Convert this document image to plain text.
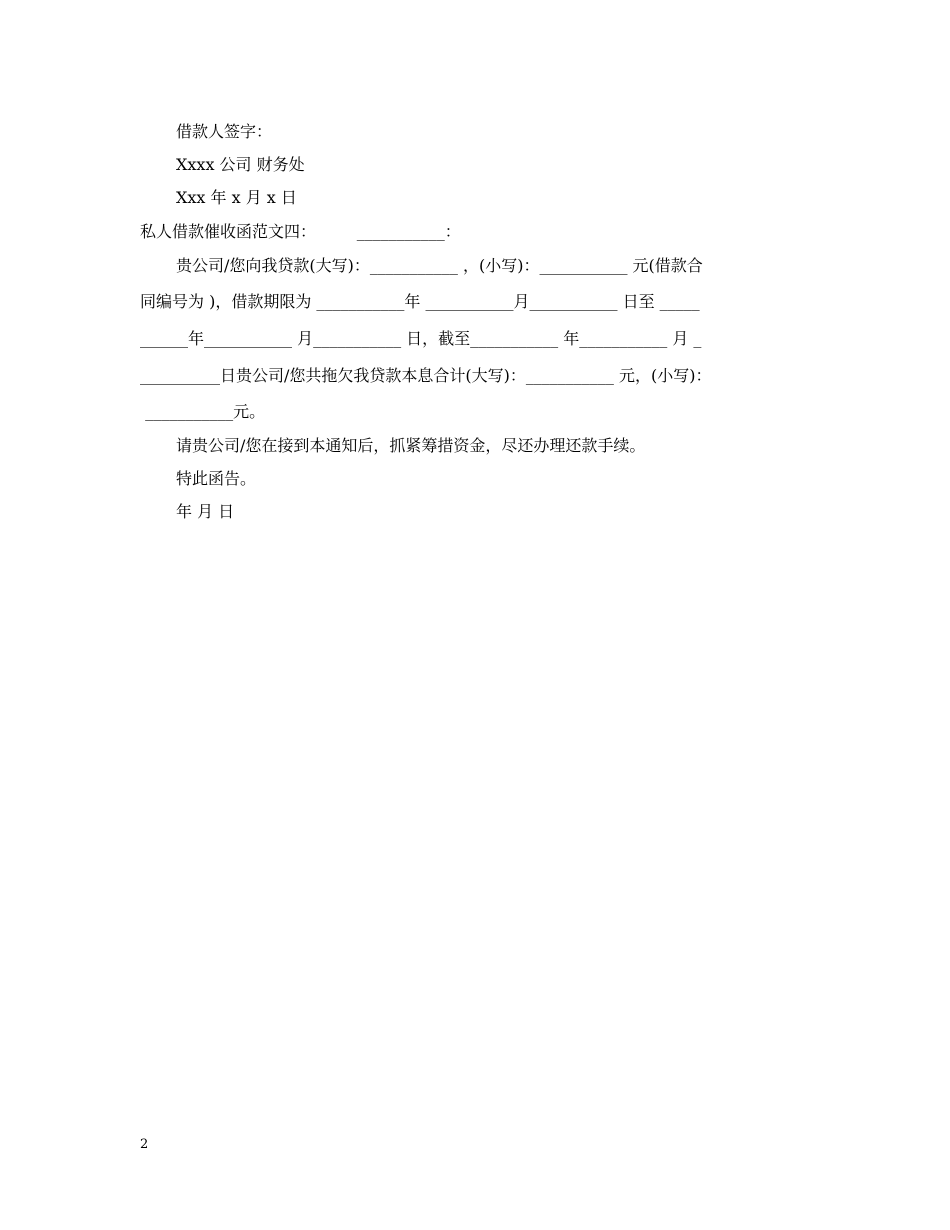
借款人签字：
Xxxx 公司 财务处
Xxx 年 x 月 x 日
私人借款催收函范文四：        ___________：
贵公司/您向我贷款(大写)：___________ ，(小写)：___________ 元(借款合
同编号为 )，借款期限为 ___________年 ___________月___________ 日至 _____
______年___________ 月___________ 日，截至___________ 年___________ 月 _
__________日贵公司/您共拖欠我贷款本息合计(大写)：___________ 元，(小写)：
___________元。
请贵公司/您在接到本通知后，抓紧筹措资金，尽还办理还款手续。
特此函告。
年 月 日
2
